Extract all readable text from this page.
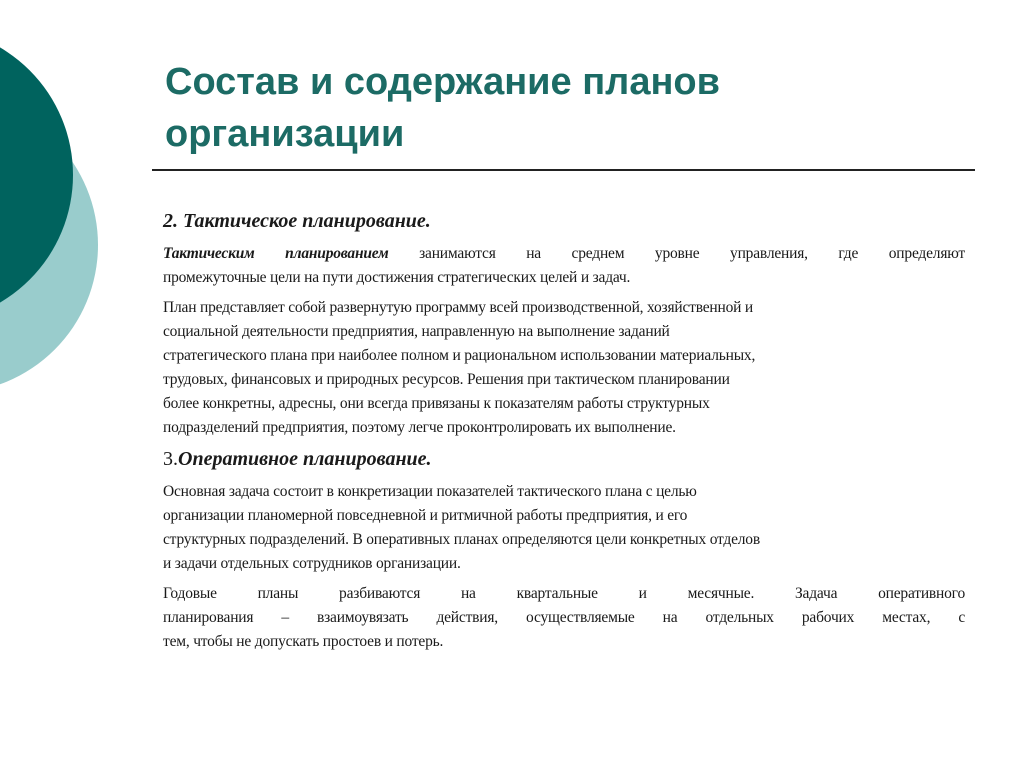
Состав и содержание планов
организации
2. Тактическое планирование.
Тактическим планированием занимаются на среднем уровне управления, где определяют
промежуточные цели на пути достижения стратегических целей и задач.
План представляет собой развернутую программу всей производственной, хозяйственной и
социальной деятельности предприятия, направленную на выполнение заданий
стратегического плана при наиболее полном и рациональном использовании материальных,
трудовых, финансовых и природных ресурсов. Решения при тактическом планировании
более конкретны, адресны, они всегда привязаны к показателям работы структурных
подразделений предприятия, поэтому легче проконтролировать их выполнение.
3.Оперативное планирование.
Основная задача состоит в конкретизации показателей тактического плана с целью
организации планомерной повседневной и ритмичной работы предприятия, и его
структурных подразделений. В оперативных планах определяются цели конкретных отделов
и задачи отдельных сотрудников организации.
Годовые планы разбиваются на квартальные и месячные. Задача оперативного
планирования – взаимоувязать действия, осуществляемые на отдельных рабочих местах, с
тем, чтобы не допускать простоев и потерь.
